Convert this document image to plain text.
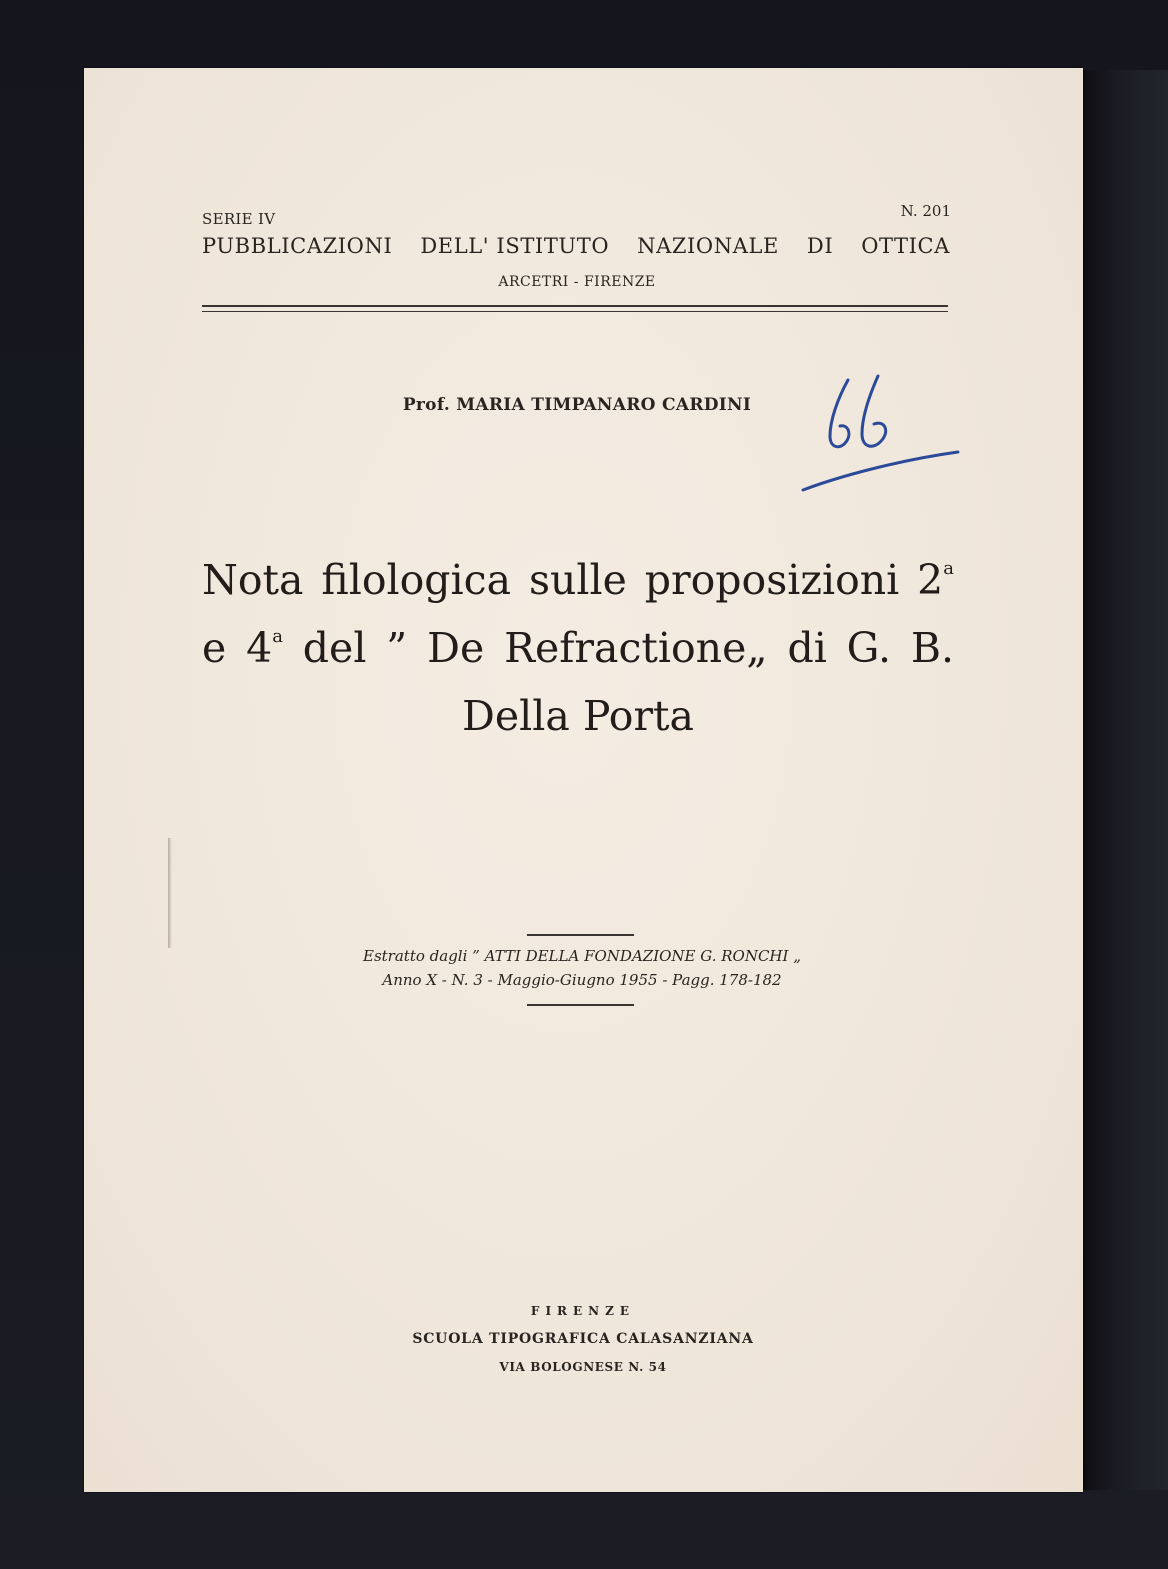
SERIE IV	N. 201
PUBBLICAZIONI DELL' ISTITUTO NAZIONALE DI OTTICA
ARCETRI - FIRENZE
Prof. MARIA TIMPANARO CARDINI
66
Nota filologica sulle proposizioni 2$^a$ e 4$^a$ del ” De Refractione„ di G. B. Della Porta
Estratto dagli ” ATTI DELLA FONDAZIONE G. RONCHI „
Anno X - N. 3 - Maggio-Giugno 1955 - Pagg. 178-182
FIRENZE
SCUOLA TIPOGRAFICA CALASANZIANA
VIA BOLOGNESE N. 54
